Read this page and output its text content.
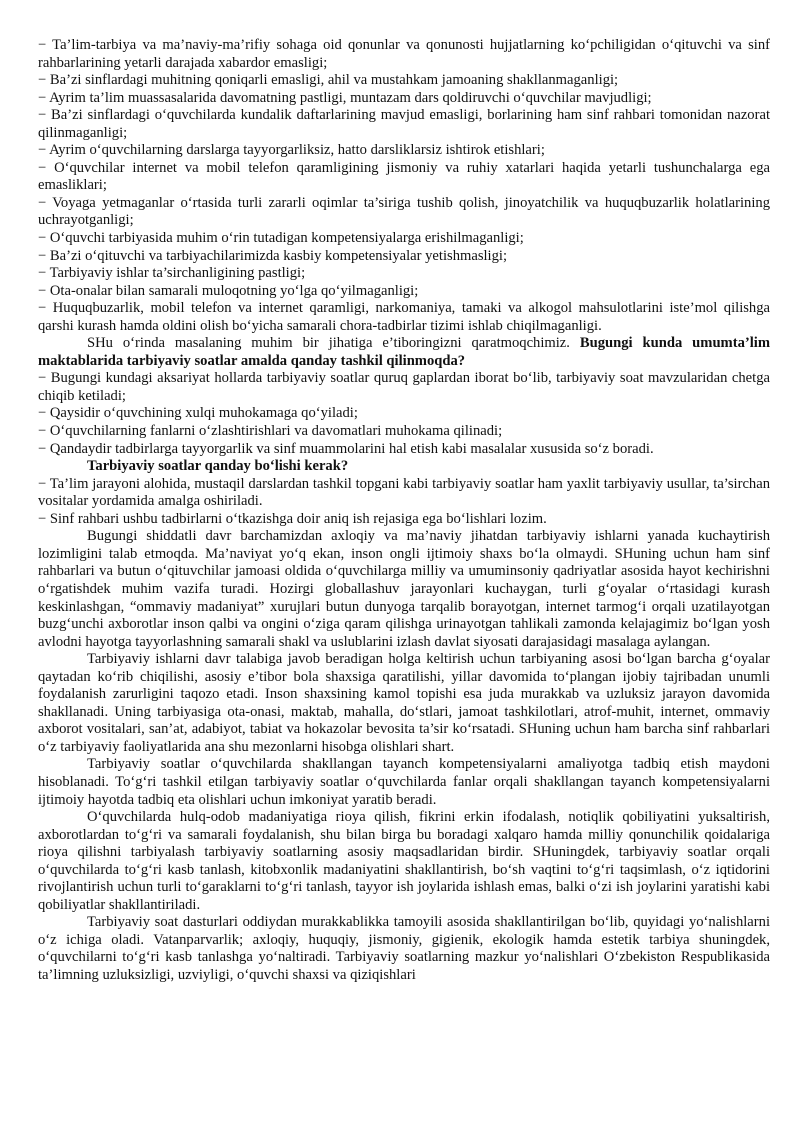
− Ta’lim-tarbiya va ma’naviy-ma’rifiy sohaga oid qonunlar va qonunosti hujjatlarning koʻpchiligidan oʻqituvchi va sinf rahbarlarining yetarli darajada xabardor emasligi;

− Ba’zi sinflardagi muhitning qoniqarli emasligi, ahil va mustahkam jamoaning shakllanmaganligi;

− Ayrim ta’lim muassasalarida davomatning pastligi, muntazam dars qoldiruvchi oʻquvchilar mavjudligi;

− Ba’zi sinflardagi oʻquvchilarda kundalik daftarlarining mavjud emasligi, borlarining ham sinf rahbari tomonidan nazorat qilinmaganligi;

− Ayrim oʻquvchilarning darslarga tayyorgarliksiz, hatto darsliklarsiz ishtirok etishlari;

− Oʻquvchilar internet va mobil telefon qaramligining jismoniy va ruhiy xatarlari haqida yetarli tushunchalarga ega emasliklari;

− Voyaga yetmaganlar oʻrtasida turli zararli oqimlar ta’siriga tushib qolish, jinoyatchilik va huquqbuzarlik holatlarining uchrayotganligi;

− Oʻquvchi tarbiyasida muhim oʻrin tutadigan kompetensiyalarga erishilmaganligi;

− Ba’zi oʻqituvchi va tarbiyachilarimizda kasbiy kompetensiyalar yetishmasligi;

− Tarbiyaviy ishlar ta’sirchanligining pastligi;

− Ota-onalar bilan samarali muloqotning yoʻlga qoʻyilmaganligi;

− Huquqbuzarlik, mobil telefon va internet qaramligi, narkomaniya, tamaki va alkogol mahsulotlarini iste’mol qilishga qarshi kurash hamda oldini olish boʻyicha samarali chora-tadbirlar tizimi ishlab chiqilmaganligi.

SHu oʻrinda masalaning muhim bir jihatiga e’tiboringizni qaratmoqchimiz. Bugungi kunda umumta’lim maktablarida tarbiyaviy soatlar amalda qanday tashkil qilinmoqda?

− Bugungi kundagi aksariyat hollarda tarbiyaviy soatlar quruq gaplardan iborat boʻlib, tarbiyaviy soat mavzularidan chetga chiqib ketiladi;

− Qaysidir oʻquvchining xulqi muhokamaga qoʻyiladi;

− Oʻquvchilarning fanlarni oʻzlashtirishlari va davomatlari muhokama qilinadi;

− Qandaydir tadbirlarga tayyorgarlik va sinf muammolarini hal etish kabi masalalar xususida soʻz boradi.

Tarbiyaviy soatlar qanday boʻlishi kerak?

− Ta’lim jarayoni alohida, mustaqil darslardan tashkil topgani kabi tarbiyaviy soatlar ham yaxlit tarbiyaviy usullar, ta’sirchan vositalar yordamida amalga oshiriladi.

− Sinf rahbari ushbu tadbirlarni oʻtkazishga doir aniq ish rejasiga ega boʻlishlari lozim.

Bugungi shiddatli davr barchamizdan axloqiy va ma’naviy jihatdan tarbiyaviy ishlarni yanada kuchaytirish lozimligini talab etmoqda. Ma’naviyat yoʻq ekan, inson ongli ijtimoiy shaxs boʻla olmaydi. SHuning uchun ham sinf rahbarlari va butun oʻqituvchilar jamoasi oldida oʻquvchilarga milliy va umuminsoniy qadriyatlar asosida hayot kechirishni oʻrgatishdek muhim vazifa turadi. Hozirgi globallashuv jarayonlari kuchaygan, turli gʻoyalar oʻrtasidagi kurash keskinlashgan, “ommaviy madaniyat” xurujlari butun dunyoga tarqalib borayotgan, internet tarmogʻi orqali uzatilayotgan buzgʻunchi axborotlar inson qalbi va ongini oʻziga qaram qilishga urinayotgan tahlikali zamonda kelajagimiz boʻlgan yosh avlodni hayotga tayyorlashning samarali shakl va uslublarini izlash davlat siyosati darajasidagi masalaga aylangan.

Tarbiyaviy ishlarni davr talabiga javob beradigan holga keltirish uchun tarbiyaning asosi boʻlgan barcha gʻoyalar qaytadan koʻrib chiqilishi, asosiy e’tibor bola shaxsiga qaratilishi, yillar davomida toʻplangan ijobiy tajribadan unumli foydalanish zarurligini taqozo etadi. Inson shaxsining kamol topishi esa juda murakkab va uzluksiz jarayon davomida shakllanadi. Uning tarbiyasiga ota-onasi, maktab, mahalla, doʻstlari, jamoat tashkilotlari, atrof-muhit, internet, ommaviy axborot vositalari, san’at, adabiyot, tabiat va hokazolar bevosita ta’sir koʻrsatadi. SHuning uchun ham barcha sinf rahbarlari oʻz tarbiyaviy faoliyatlarida ana shu mezonlarni hisobga olishlari shart.

Tarbiyaviy soatlar oʻquvchilarda shakllangan tayanch kompetensiyalarni amaliyotga tadbiq etish maydoni hisoblanadi. Toʻgʻri tashkil etilgan tarbiyaviy soatlar oʻquvchilarda fanlar orqali shakllangan tayanch kompetensiyalarni ijtimoiy hayotda tadbiq eta olishlari uchun imkoniyat yaratib beradi.

Oʻquvchilarda hulq-odob madaniyatiga rioya qilish, fikrini erkin ifodalash, notiqlik qobiliyatini yuksaltirish, axborotlardan toʻgʻri va samarali foydalanish, shu bilan birga bu boradagi xalqaro hamda milliy qonunchilik qoidalariga rioya qilishni tarbiyalash tarbiyaviy soatlarning asosiy maqsadlaridan birdir. SHuningdek, tarbiyaviy soatlar orqali oʻquvchilarda toʻgʻri kasb tanlash, kitobxonlik madaniyatini shakllantirish, boʻsh vaqtini toʻgʻri taqsimlash, oʻz iqtidorini rivojlantirish uchun turli toʻgaraklarni toʻgʻri tanlash, tayyor ish joylarida ishlash emas, balki oʻzi ish joylarini yaratishi kabi qobiliyatlar shakllantiriladi.

Tarbiyaviy soat dasturlari oddiydan murakkablikka tamoyili asosida shakllantirilgan boʻlib, quyidagi yoʻnalishlarni oʻz ichiga oladi. Vatanparvarlik; axloqiy, huquqiy, jismoniy, gigienik, ekologik hamda estetik tarbiya shuningdek, oʻquvchilarni toʻgʻri kasb tanlashga yoʻnaltiradi. Tarbiyaviy soatlarning mazkur yoʻnalishlari Oʻzbekiston Respublikasida ta’limning uzluksizligi, uzviyligi, oʻquvchi shaxsi va qiziqishlari
